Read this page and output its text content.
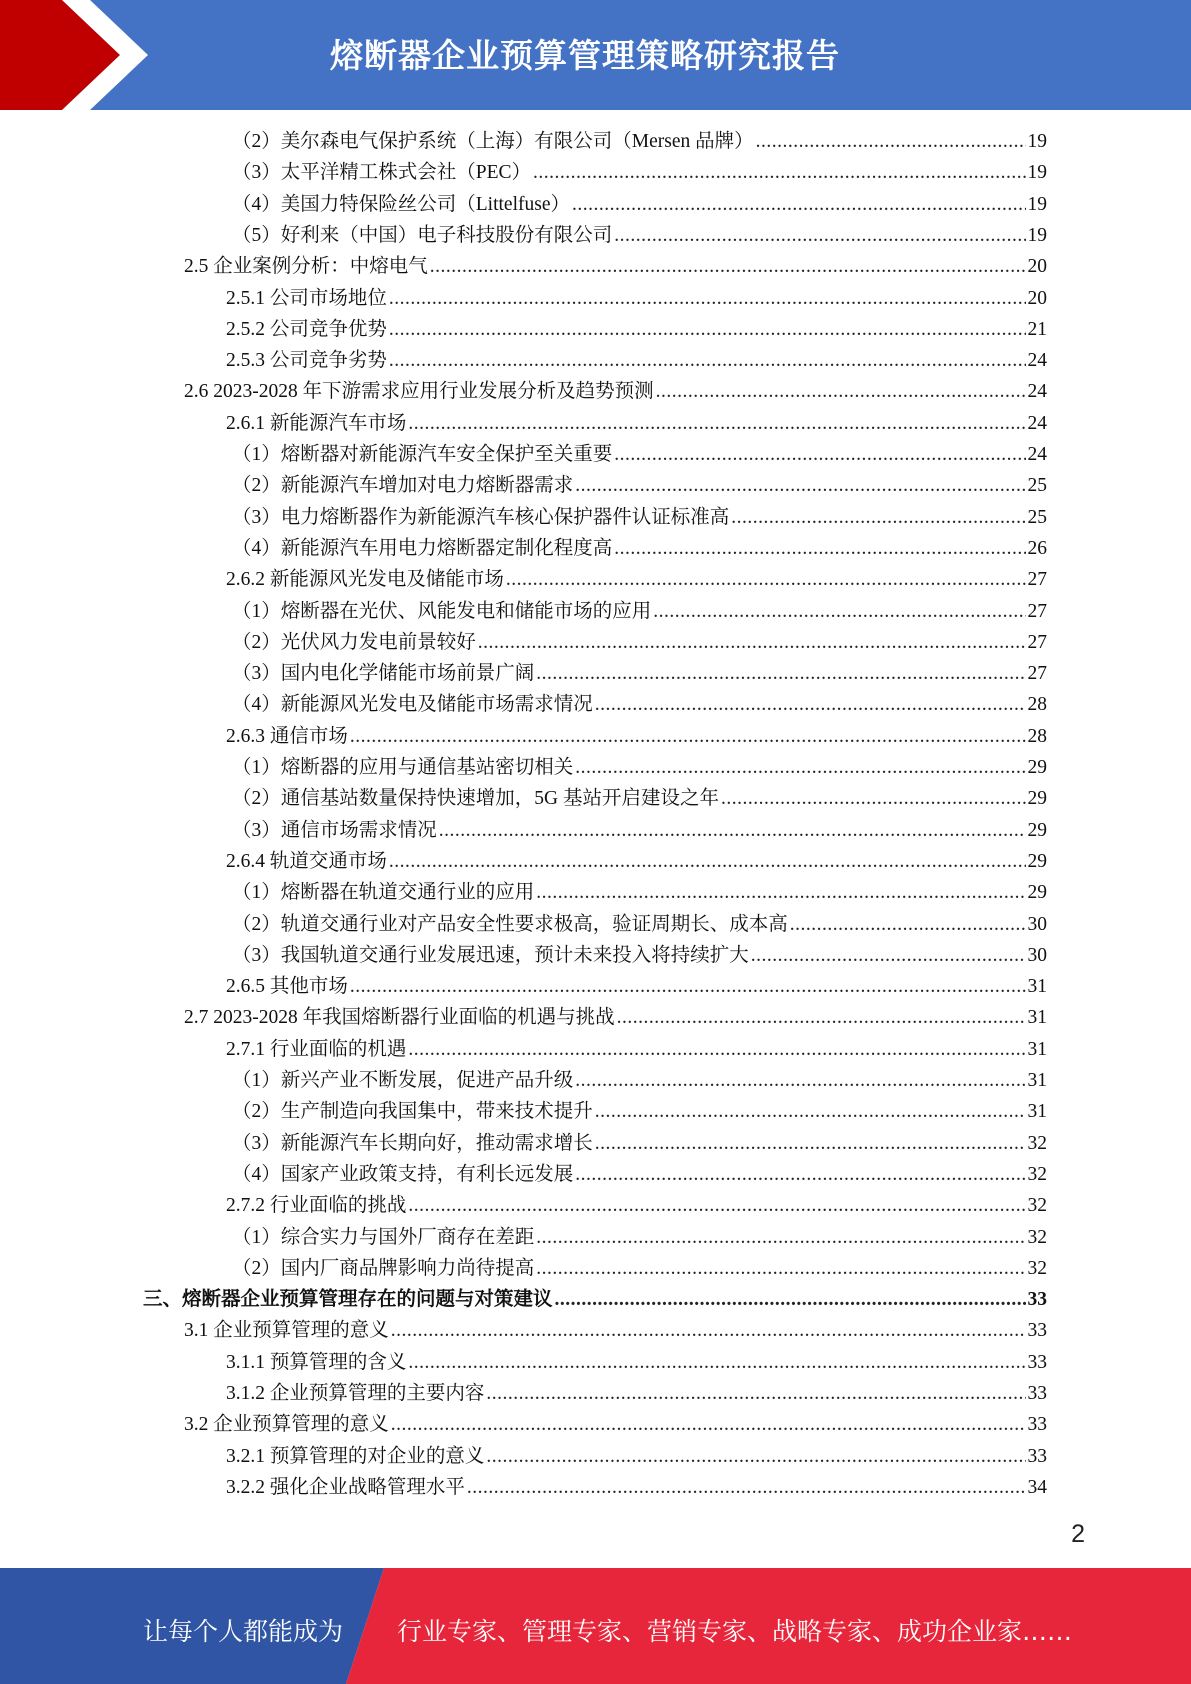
熔断器企业预算管理策略研究报告
（2）美尔森电气保护系统（上海）有限公司（Mersen 品牌） .....	19
（3）太平洋精工株式会社（PEC） .....	19
（4）美国力特保险丝公司（Littelfuse） .....	19
（5）好利来（中国）电子科技股份有限公司 .....	19
2.5 企业案例分析：中熔电气 .....	20
2.5.1 公司市场地位 .....	20
2.5.2 公司竞争优势 .....	21
2.5.3 公司竞争劣势 .....	24
2.6 2023-2028 年下游需求应用行业发展分析及趋势预测 .....	24
2.6.1 新能源汽车市场 .....	24
（1）熔断器对新能源汽车安全保护至关重要 .....	24
（2）新能源汽车增加对电力熔断器需求 .....	25
（3）电力熔断器作为新能源汽车核心保护器件认证标准高 .....	25
（4）新能源汽车用电力熔断器定制化程度高 .....	26
2.6.2 新能源风光发电及储能市场 .....	27
（1）熔断器在光伏、风能发电和储能市场的应用 .....	27
（2）光伏风力发电前景较好 .....	27
（3）国内电化学储能市场前景广阔 .....	27
（4）新能源风光发电及储能市场需求情况 .....	28
2.6.3 通信市场 .....	28
（1）熔断器的应用与通信基站密切相关 .....	29
（2）通信基站数量保持快速增加，5G 基站开启建设之年 .....	29
（3）通信市场需求情况 .....	29
2.6.4 轨道交通市场 .....	29
（1）熔断器在轨道交通行业的应用 .....	29
（2）轨道交通行业对产品安全性要求极高，验证周期长、成本高 .....	30
（3）我国轨道交通行业发展迅速，预计未来投入将持续扩大 .....	30
2.6.5 其他市场 .....	31
2.7 2023-2028 年我国熔断器行业面临的机遇与挑战 .....	31
2.7.1 行业面临的机遇 .....	31
（1）新兴产业不断发展，促进产品升级 .....	31
（2）生产制造向我国集中，带来技术提升 .....	31
（3）新能源汽车长期向好，推动需求增长 .....	32
（4）国家产业政策支持，有利长远发展 .....	32
2.7.2 行业面临的挑战 .....	32
（1）综合实力与国外厂商存在差距 .....	32
（2）国内厂商品牌影响力尚待提高 .....	32
三、熔断器企业预算管理存在的问题与对策建议 .....	33
3.1 企业预算管理的意义 .....	33
3.1.1 预算管理的含义 .....	33
3.1.2 企业预算管理的主要内容 .....	33
3.2 企业预算管理的意义 .....	33
3.2.1 预算管理的对企业的意义 .....	33
3.2.2 强化企业战略管理水平 .....	34
2
让每个人都能成为 行业专家、管理专家、营销专家、战略专家、成功企业家……
